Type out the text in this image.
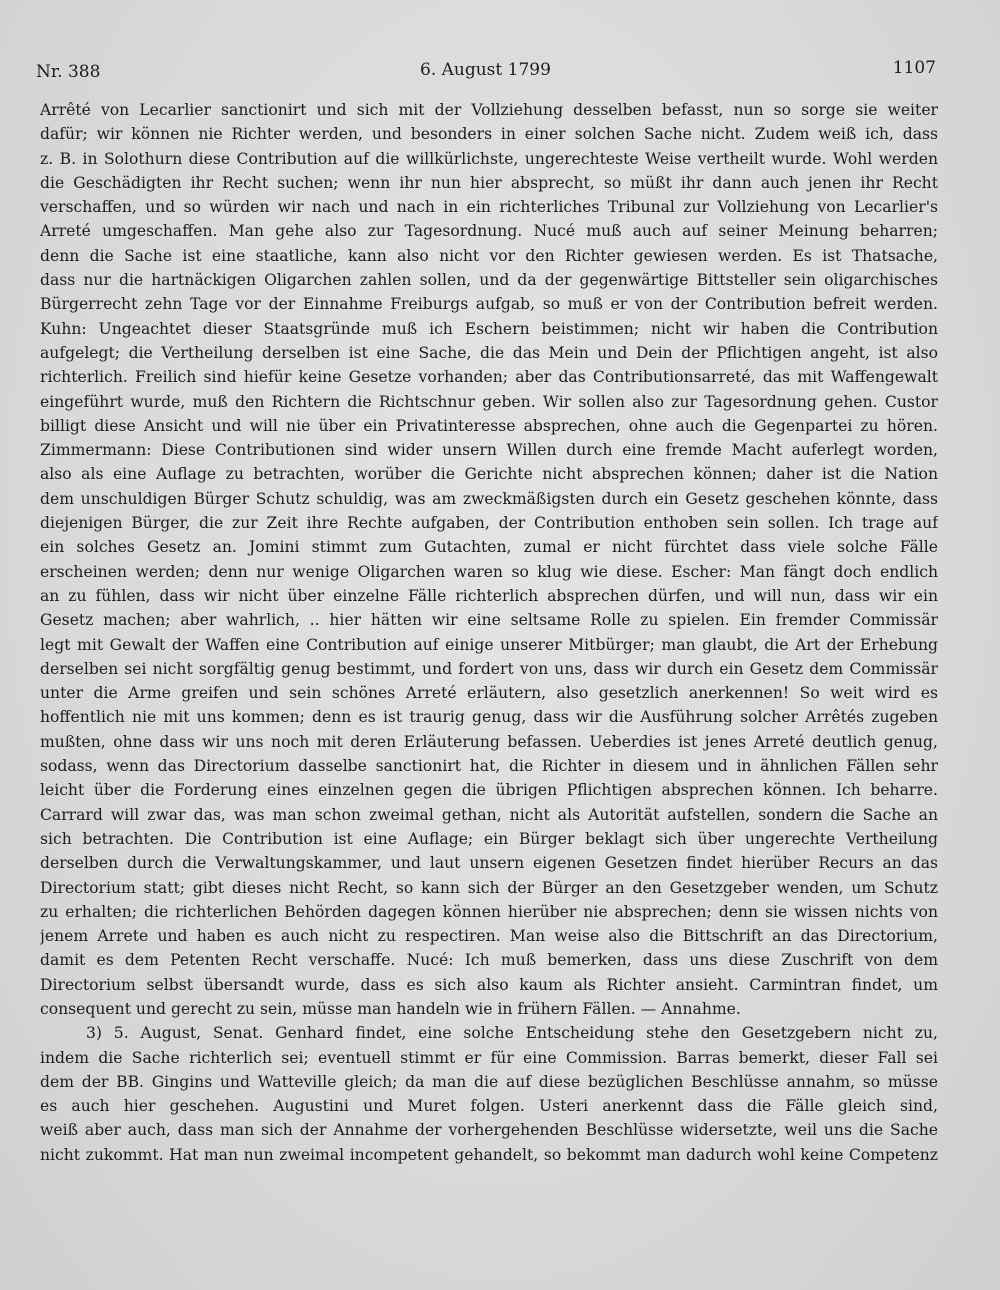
Nr. 388	6. August 1799	1107
Arrêté von Lecarlier sanctionirt und sich mit der Vollziehung desselben befasst, nun so sorge sie weiter
dafür; wir können nie Richter werden, und besonders in einer solchen Sache nicht. Zudem weiß ich, dass
z. B. in Solothurn diese Contribution auf die willkürlichste, ungerechteste Weise vertheilt wurde. Wohl werden
die Geschädigten ihr Recht suchen; wenn ihr nun hier absprecht, so müßt ihr dann auch jenen ihr Recht
verschaffen, und so würden wir nach und nach in ein richterliches Tribunal zur Vollziehung von Lecarlier's
Arreté umgeschaffen. Man gehe also zur Tagesordnung. Nucé muß auch auf seiner Meinung beharren;
denn die Sache ist eine staatliche, kann also nicht vor den Richter gewiesen werden. Es ist Thatsache,
dass nur die hartnäckigen Oligarchen zahlen sollen, und da der gegenwärtige Bittsteller sein oligarchisches
Bürgerrecht zehn Tage vor der Einnahme Freiburgs aufgab, so muß er von der Contribution befreit werden.
Kuhn: Ungeachtet dieser Staatsgründe muß ich Eschern beistimmen; nicht wir haben die Contribution
aufgelegt; die Vertheilung derselben ist eine Sache, die das Mein und Dein der Pflichtigen angeht, ist also
richterlich. Freilich sind hiefür keine Gesetze vorhanden; aber das Contributionsarreté, das mit Waffengewalt
eingeführt wurde, muß den Richtern die Richtschnur geben. Wir sollen also zur Tagesordnung gehen. Custor
billigt diese Ansicht und will nie über ein Privatinteresse absprechen, ohne auch die Gegenpartei zu hören.
Zimmermann: Diese Contributionen sind wider unsern Willen durch eine fremde Macht auferlegt worden,
also als eine Auflage zu betrachten, worüber die Gerichte nicht absprechen können; daher ist die Nation
dem unschuldigen Bürger Schutz schuldig, was am zweckmäßigsten durch ein Gesetz geschehen könnte, dass
diejenigen Bürger, die zur Zeit ihre Rechte aufgaben, der Contribution enthoben sein sollen. Ich trage auf
ein solches Gesetz an. Jomini stimmt zum Gutachten, zumal er nicht fürchtet dass viele solche Fälle
erscheinen werden; denn nur wenige Oligarchen waren so klug wie diese. Escher: Man fängt doch endlich
an zu fühlen, dass wir nicht über einzelne Fälle richterlich absprechen dürfen, und will nun, dass wir ein
Gesetz machen; aber wahrlich, .. hier hätten wir eine seltsame Rolle zu spielen. Ein fremder Commissär
legt mit Gewalt der Waffen eine Contribution auf einige unserer Mitbürger; man glaubt, die Art der Erhebung
derselben sei nicht sorgfältig genug bestimmt, und fordert von uns, dass wir durch ein Gesetz dem Commissär
unter die Arme greifen und sein schönes Arreté erläutern, also gesetzlich anerkennen! So weit wird es
hoffentlich nie mit uns kommen; denn es ist traurig genug, dass wir die Ausführung solcher Arrêtés zugeben
mußten, ohne dass wir uns noch mit deren Erläuterung befassen. Ueberdies ist jenes Arreté deutlich genug,
sodass, wenn das Directorium dasselbe sanctionirt hat, die Richter in diesem und in ähnlichen Fällen sehr
leicht über die Forderung eines einzelnen gegen die übrigen Pflichtigen absprechen können. Ich beharre.
Carrard will zwar das, was man schon zweimal gethan, nicht als Autorität aufstellen, sondern die Sache an
sich betrachten. Die Contribution ist eine Auflage; ein Bürger beklagt sich über ungerechte Vertheilung
derselben durch die Verwaltungskammer, und laut unsern eigenen Gesetzen findet hierüber Recurs an das
Directorium statt; gibt dieses nicht Recht, so kann sich der Bürger an den Gesetzgeber wenden, um Schutz
zu erhalten; die richterlichen Behörden dagegen können hierüber nie absprechen; denn sie wissen nichts von
jenem Arrete und haben es auch nicht zu respectiren. Man weise also die Bittschrift an das Directorium,
damit es dem Petenten Recht verschaffe. Nucé: Ich muß bemerken, dass uns diese Zuschrift von dem
Directorium selbst übersandt wurde, dass es sich also kaum als Richter ansieht. Carmintran findet, um
consequent und gerecht zu sein, müsse man handeln wie in frühern Fällen. — Annahme.
3) 5. August, Senat. Genhard findet, eine solche Entscheidung stehe den Gesetzgebern nicht zu,
indem die Sache richterlich sei; eventuell stimmt er für eine Commission. Barras bemerkt, dieser Fall sei
dem der BB. Gingins und Watteville gleich; da man die auf diese bezüglichen Beschlüsse annahm, so müsse
es auch hier geschehen. Augustini und Muret folgen. Usteri anerkennt dass die Fälle gleich sind,
weiß aber auch, dass man sich der Annahme der vorhergehenden Beschlüsse widersetzte, weil uns die Sache
nicht zukommt. Hat man nun zweimal incompetent gehandelt, so bekommt man dadurch wohl keine Competenz
